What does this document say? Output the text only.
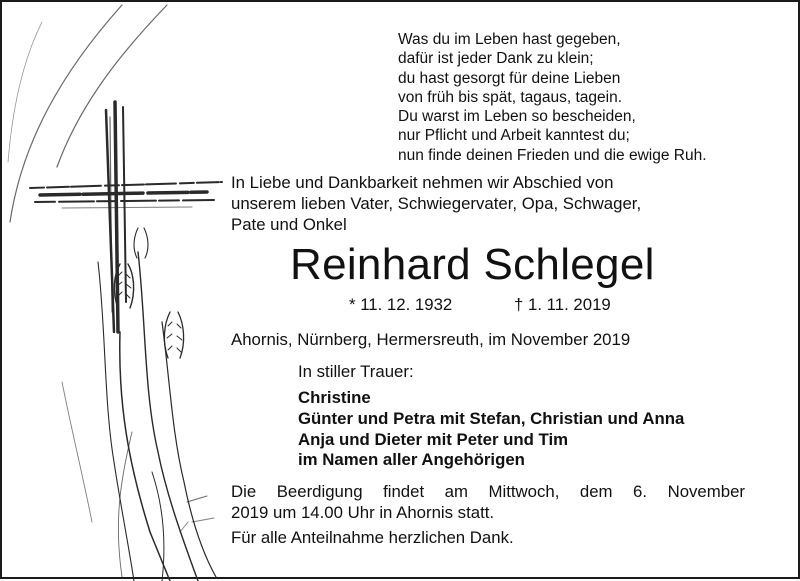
Was du im Leben hast gegeben,
dafür ist jeder Dank zu klein;
du hast gesorgt für deine Lieben
von früh bis spät, tagaus, tagein.
Du warst im Leben so bescheiden,
nur Pflicht und Arbeit kanntest du;
nun finde deinen Frieden und die ewige Ruh.
In Liebe und Dankbarkeit nehmen wir Abschied von
unserem lieben Vater, Schwiegervater, Opa, Schwager,
Pate und Onkel
Reinhard Schlegel
* 11. 12. 1932	† 1. 11. 2019
Ahornis, Nürnberg, Hermersreuth, im November 2019
In stiller Trauer:
Christine
Günter und Petra mit Stefan, Christian und Anna
Anja und Dieter mit Peter und Tim
im Namen aller Angehörigen
Die Beerdigung findet am Mittwoch, dem 6. November
2019 um 14.00 Uhr in Ahornis statt.
Für alle Anteilnahme herzlichen Dank.
